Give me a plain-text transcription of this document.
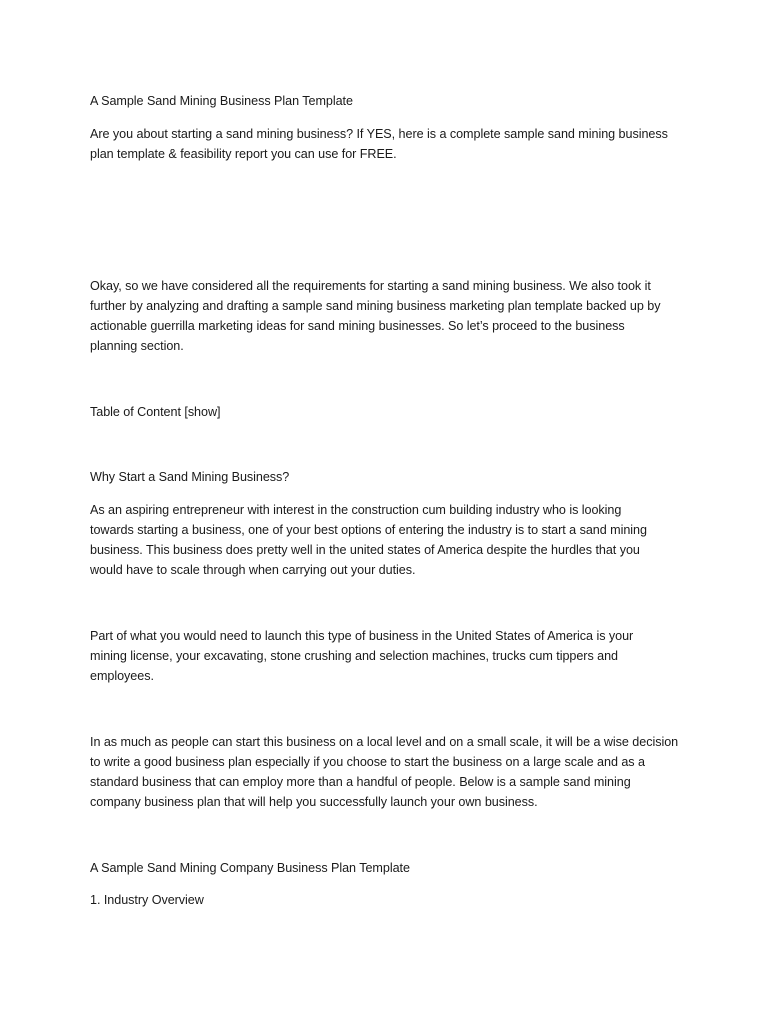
A Sample Sand Mining Business Plan Template

Are you about starting a sand mining business? If YES, here is a complete sample sand mining business
plan template & feasibility report you can use for FREE.

Okay, so we have considered all the requirements for starting a sand mining business. We also took it
further by analyzing and drafting a sample sand mining business marketing plan template backed up by
actionable guerrilla marketing ideas for sand mining businesses. So let’s proceed to the business
planning section.

Table of Content [show]

Why Start a Sand Mining Business?

As an aspiring entrepreneur with interest in the construction cum building industry who is looking
towards starting a business, one of your best options of entering the industry is to start a sand mining
business. This business does pretty well in the united states of America despite the hurdles that you
would have to scale through when carrying out your duties.

Part of what you would need to launch this type of business in the United States of America is your
mining license, your excavating, stone crushing and selection machines, trucks cum tippers and
employees.

In as much as people can start this business on a local level and on a small scale, it will be a wise decision
to write a good business plan especially if you choose to start the business on a large scale and as a
standard business that can employ more than a handful of people. Below is a sample sand mining
company business plan that will help you successfully launch your own business.

A Sample Sand Mining Company Business Plan Template

1. Industry Overview
